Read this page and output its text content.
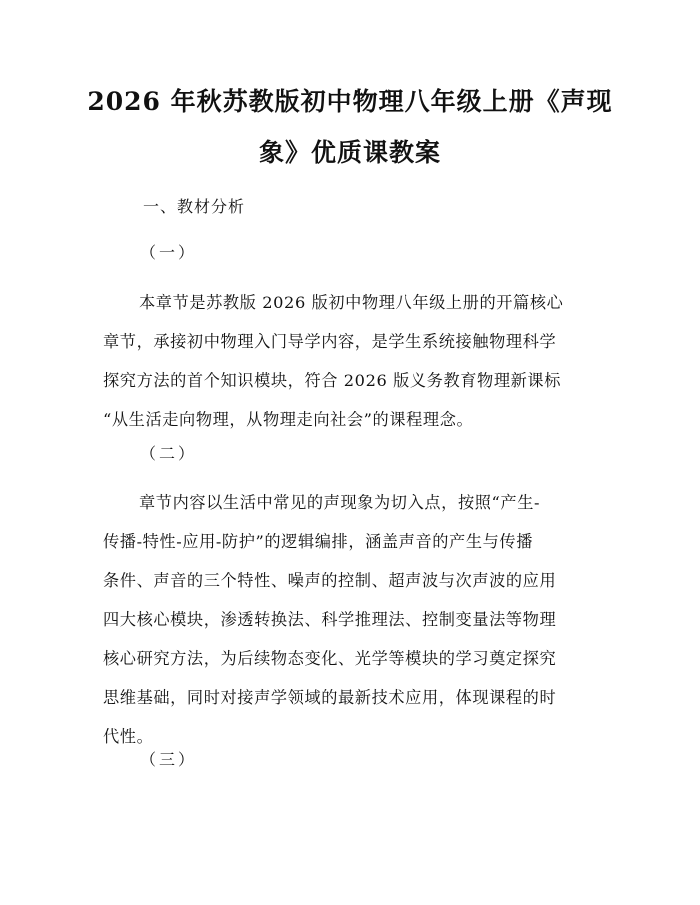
2026 年秋苏教版初中物理八年级上册《声现
象》优质课教案
一、教材分析
（一）
本章节是苏教版 2026 版初中物理八年级上册的开篇核心
章节，承接初中物理入门导学内容，是学生系统接触物理科学
探究方法的首个知识模块，符合 2026 版义务教育物理新课标
“从生活走向物理，从物理走向社会”的课程理念。
（二）
章节内容以生活中常见的声现象为切入点，按照“产生-
传播-特性-应用-防护”的逻辑编排，涵盖声音的产生与传播
条件、声音的三个特性、噪声的控制、超声波与次声波的应用
四大核心模块，渗透转换法、科学推理法、控制变量法等物理
核心研究方法，为后续物态变化、光学等模块的学习奠定探究
思维基础，同时对接声学领域的最新技术应用，体现课程的时
代性。
（三）
